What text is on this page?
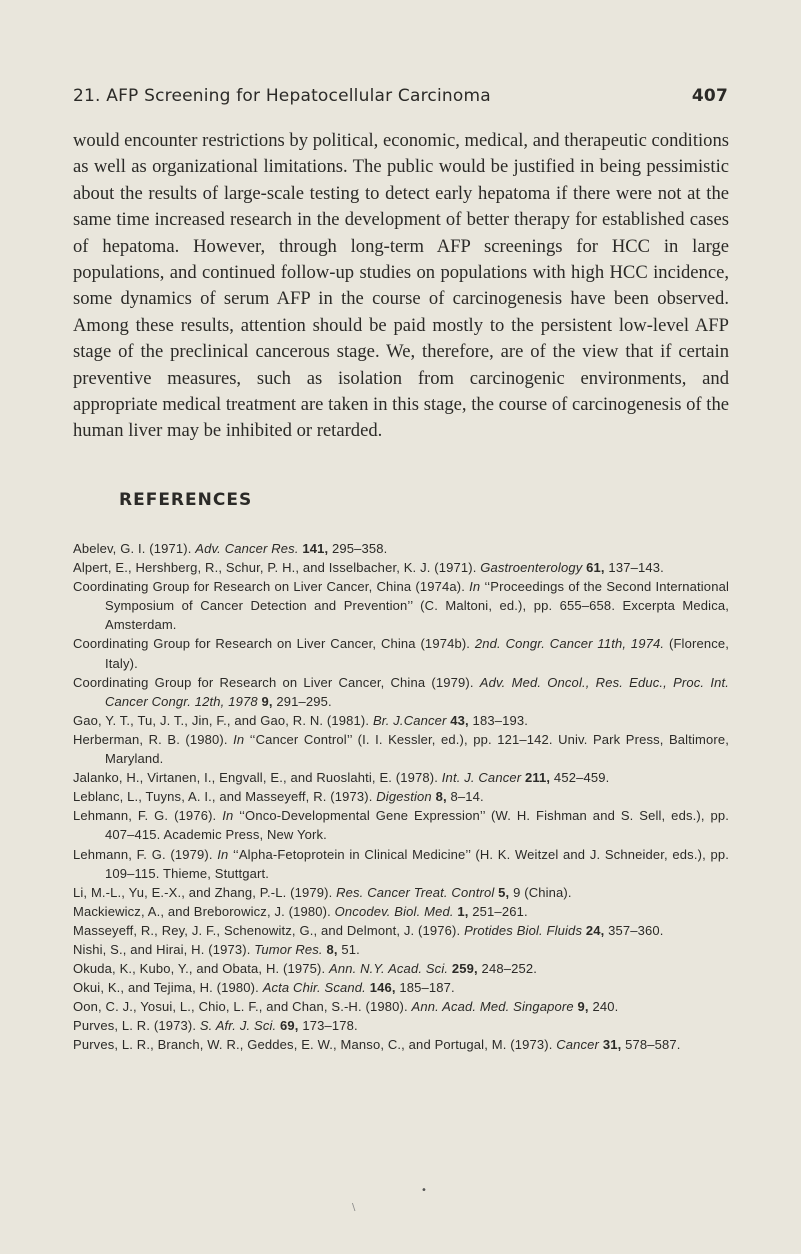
21. AFP Screening for Hepatocellular Carcinoma	407

would encounter restrictions by political, economic, medical, and therapeutic conditions as well as organizational limitations. The public would be justified in being pessimistic about the results of large-scale testing to detect early hepatoma if there were not at the same time increased research in the development of better therapy for established cases of hepatoma. However, through long-term AFP screenings for HCC in large populations, and continued follow-up studies on populations with high HCC incidence, some dynamics of serum AFP in the course of carcinogenesis have been observed. Among these results, attention should be paid mostly to the persistent low-level AFP stage of the preclinical cancerous stage. We, therefore, are of the view that if certain preventive measures, such as isolation from carcinogenic environments, and appropriate medical treatment are taken in this stage, the course of carcinogenesis of the human liver may be inhibited or retarded.

REFERENCES

Abelev, G. I. (1971). Adv. Cancer Res. 141, 295–358.

Alpert, E., Hershberg, R., Schur, P. H., and Isselbacher, K. J. (1971). Gastroenterology 61, 137–143.

Coordinating Group for Research on Liver Cancer, China (1974a). In ‘‘Proceedings of the Second International Symposium of Cancer Detection and Prevention’’ (C. Maltoni, ed.), pp. 655–658. Excerpta Medica, Amsterdam.

Coordinating Group for Research on Liver Cancer, China (1974b). 2nd. Congr. Cancer 11th, 1974. (Florence, Italy).

Coordinating Group for Research on Liver Cancer, China (1979). Adv. Med. Oncol., Res. Educ., Proc. Int. Cancer Congr. 12th, 1978 9, 291–295.

Gao, Y. T., Tu, J. T., Jin, F., and Gao, R. N. (1981). Br. J.Cancer 43, 183–193.

Herberman, R. B. (1980). In ‘‘Cancer Control’’ (I. I. Kessler, ed.), pp. 121–142. Univ. Park Press, Baltimore, Maryland.

Jalanko, H., Virtanen, I., Engvall, E., and Ruoslahti, E. (1978). Int. J. Cancer 211, 452–459.

Leblanc, L., Tuyns, A. I., and Masseyeff, R. (1973). Digestion 8, 8–14.

Lehmann, F. G. (1976). In ‘‘Onco-Developmental Gene Expression’’ (W. H. Fishman and S. Sell, eds.), pp. 407–415. Academic Press, New York.

Lehmann, F. G. (1979). In ‘‘Alpha-Fetoprotein in Clinical Medicine’’ (H. K. Weitzel and J. Schneider, eds.), pp. 109–115. Thieme, Stuttgart.

Li, M.-L., Yu, E.-X., and Zhang, P.-L. (1979). Res. Cancer Treat. Control 5, 9 (China).

Mackiewicz, A., and Breborowicz, J. (1980). Oncodev. Biol. Med. 1, 251–261.

Masseyeff, R., Rey, J. F., Schenowitz, G., and Delmont, J. (1976). Protides Biol. Fluids 24, 357–360.

Nishi, S., and Hirai, H. (1973). Tumor Res. 8, 51.

Okuda, K., Kubo, Y., and Obata, H. (1975). Ann. N.Y. Acad. Sci. 259, 248–252.

Okui, K., and Tejima, H. (1980). Acta Chir. Scand. 146, 185–187.

Oon, C. J., Yosui, L., Chio, L. F., and Chan, S.-H. (1980). Ann. Acad. Med. Singapore 9, 240.

Purves, L. R. (1973). S. Afr. J. Sci. 69, 173–178.

Purves, L. R., Branch, W. R., Geddes, E. W., Manso, C., and Portugal, M. (1973). Cancer 31, 578–587.

•
\
